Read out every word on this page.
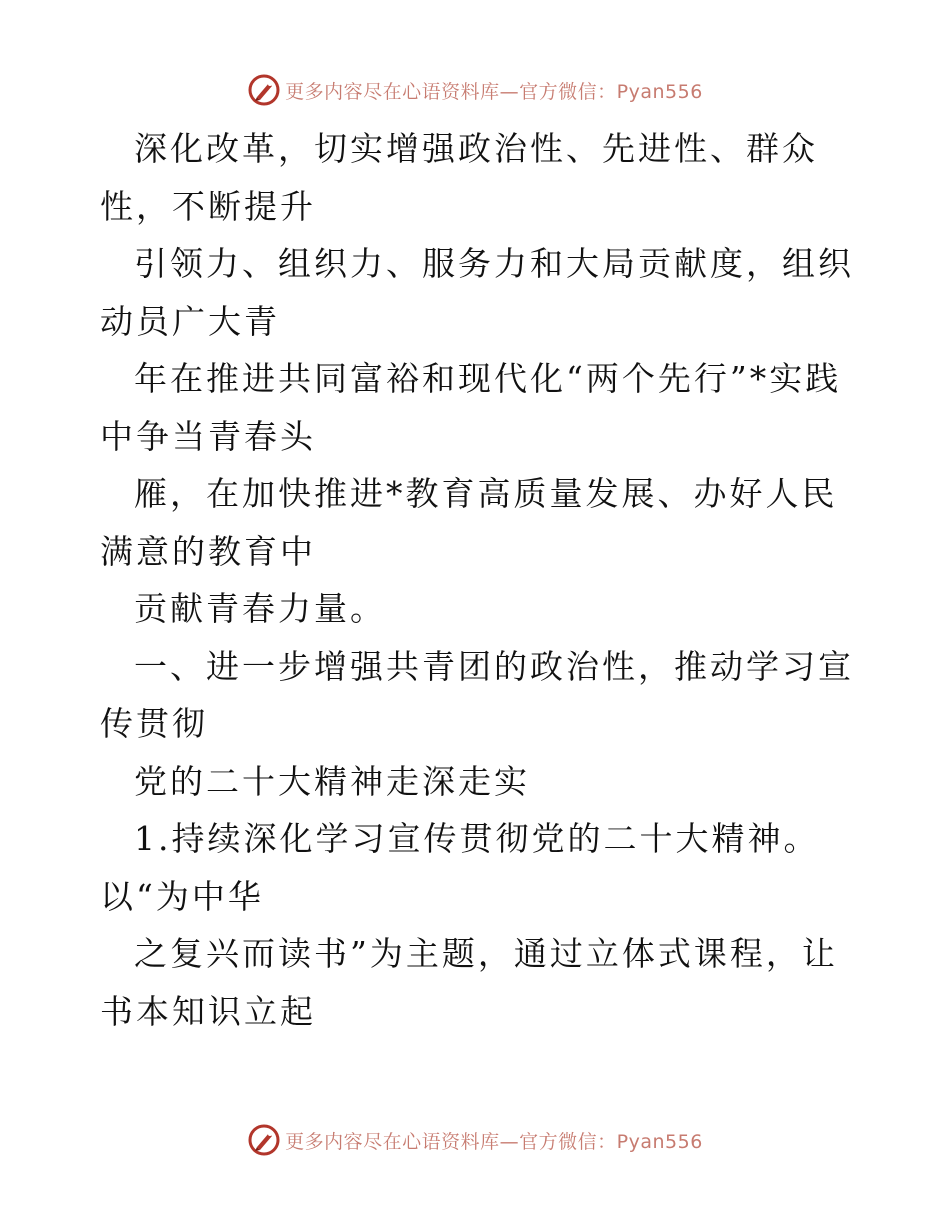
更多内容尽在心语资料库—官方微信：Pyan556

深化改革，切实增强政治性、先进性、群众性，不断提升

引领力、组织力、服务力和大局贡献度，组织动员广大青

年在推进共同富裕和现代化“两个先行”*实践中争当青春头

雁，在加快推进*教育高质量发展、办好人民满意的教育中

贡献青春力量。

一、进一步增强共青团的政治性，推动学习宣传贯彻

党的二十大精神走深走实

1.持续深化学习宣传贯彻党的二十大精神。以“为中华

之复兴而读书”为主题，通过立体式课程，让书本知识立起

更多内容尽在心语资料库—官方微信：Pyan556
